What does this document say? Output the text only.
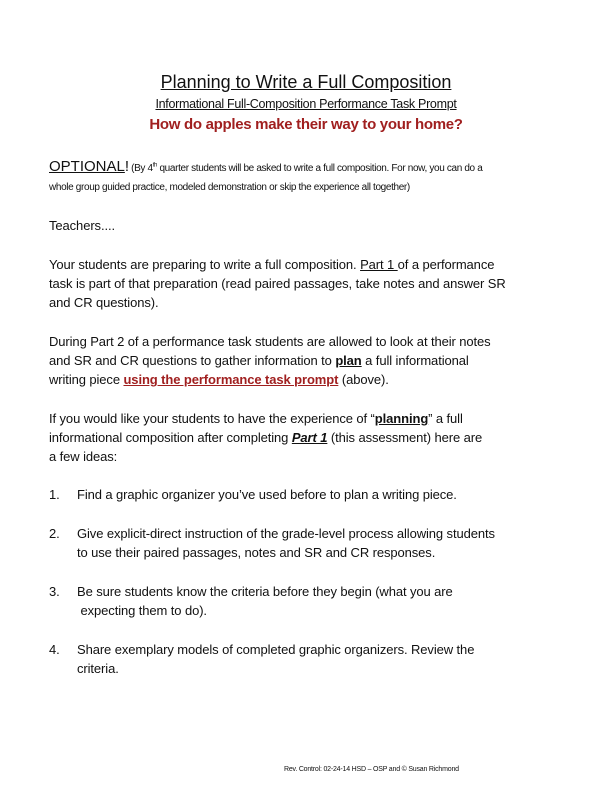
Planning to Write a Full Composition
Informational Full-Composition Performance Task Prompt
How do apples make their way to your home?
OPTIONAL! (By 4th quarter students will be asked to write a full composition. For now, you can do a
whole group guided practice, modeled demonstration or skip the experience all together)
Teachers....
Your students are preparing to write a full composition. Part 1 of a performance
task is part of that preparation (read paired passages, take notes and answer SR
and CR questions).
During Part 2 of a performance task students are allowed to look at their notes
and SR and CR questions to gather information to plan a full informational
writing piece using the performance task prompt (above).
If you would like your students to have the experience of “planning” a full
informational composition after completing Part 1 (this assessment) here are
a few ideas:
1. Find a graphic organizer you’ve used before to plan a writing piece.
2. Give explicit-direct instruction of the grade-level process allowing students
to use their paired passages, notes and SR and CR responses.
3. Be sure students know the criteria before they begin (what you are
expecting them to do).
4. Share exemplary models of completed graphic organizers. Review the
criteria.
Rev. Control: 02-24-14 HSD – OSP and © Susan Richmond
